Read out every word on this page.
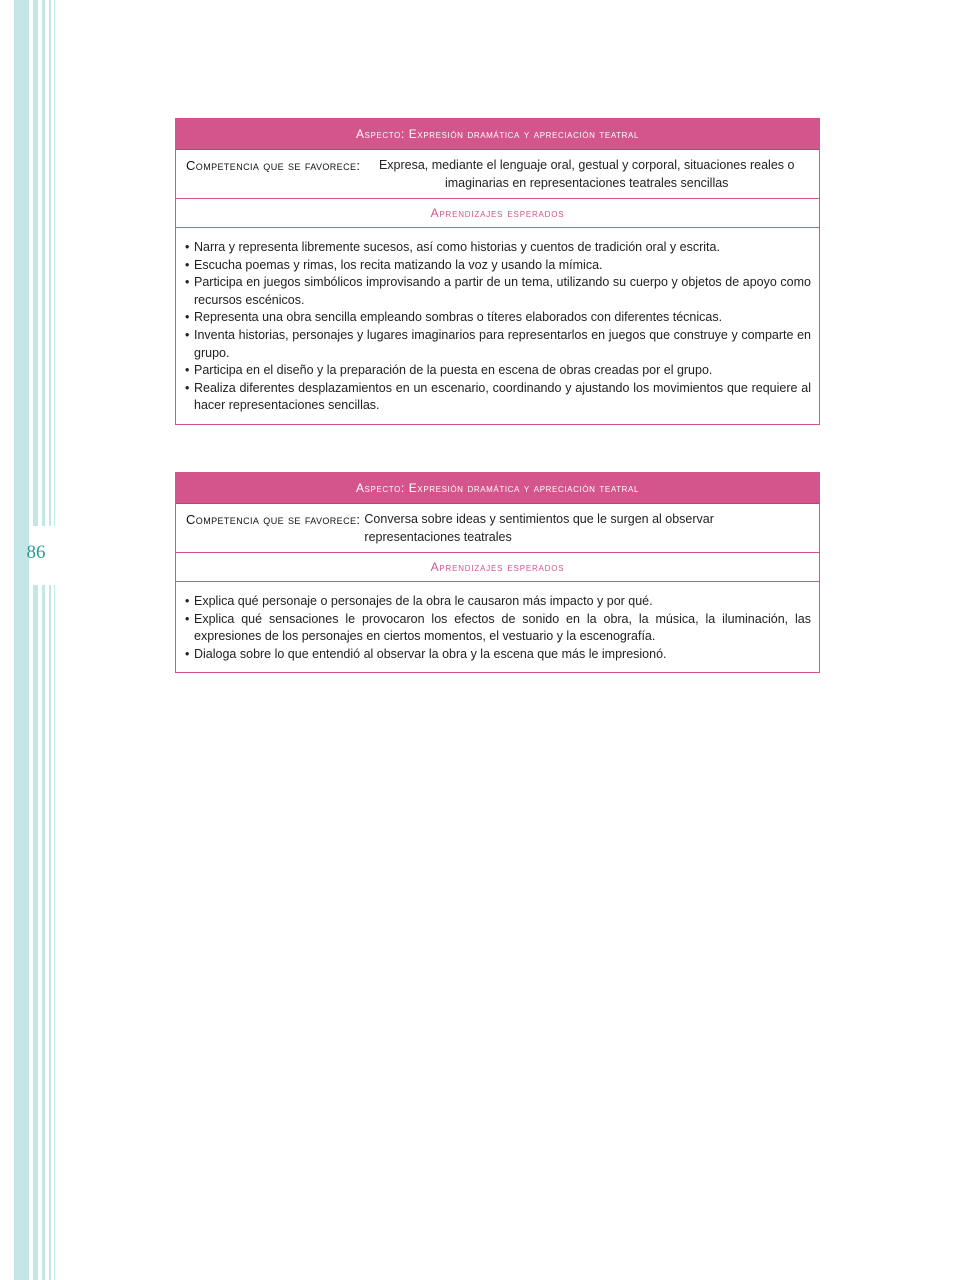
86
Aspecto: Expresión dramática y apreciación teatral
Competencia que se favorece:	Expresa, mediante el lenguaje oral, gestual y corporal, situaciones reales o imaginarias en representaciones teatrales sencillas
Aprendizajes esperados
• Narra y representa libremente sucesos, así como historias y cuentos de tradición oral y escrita.
• Escucha poemas y rimas, los recita matizando la voz y usando la mímica.
• Participa en juegos simbólicos improvisando a partir de un tema, utilizando su cuerpo y objetos de apoyo como recursos escénicos.
• Representa una obra sencilla empleando sombras o títeres elaborados con diferentes técnicas.
• Inventa historias, personajes y lugares imaginarios para representarlos en juegos que construye y comparte en grupo.
• Participa en el diseño y la preparación de la puesta en escena de obras creadas por el grupo.
• Realiza diferentes desplazamientos en un escenario, coordinando y ajustando los movimientos que requiere al hacer representaciones sencillas.
Aspecto: Expresión dramática y apreciación teatral
Competencia que se favorece: Conversa sobre ideas y sentimientos que le surgen al observar representaciones teatrales
Aprendizajes esperados
• Explica qué personaje o personajes de la obra le causaron más impacto y por qué.
• Explica qué sensaciones le provocaron los efectos de sonido en la obra, la música, la iluminación, las expresiones de los personajes en ciertos momentos, el vestuario y la escenografía.
• Dialoga sobre lo que entendió al observar la obra y la escena que más le impresionó.
